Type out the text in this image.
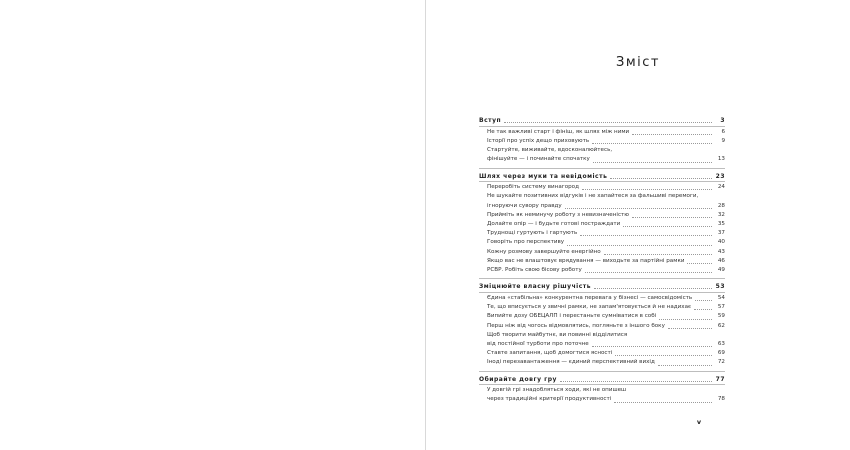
Зміст
Вступ	3
Не так важливі старт і фініш, як шлях між ними	6
Історії про успіх дещо приховують	9
Стартуйте, виживайте, вдосконалюйтесь,
фінішуйте — і починайте спочатку	13
Шлях через муки та невідомість	23
Переробіть систему винагород	24
Не шукайте позитивних відгуків і не хапайтеся за фальшиві перемоги,
ігноруючи сувору правду	28
Прийміть як неминучу роботу з невизначеністю	32
Долайте опір — і будьте готові постраждати	35
Труднощі гуртують і гартують	37
Говоріть про перспективу	40
Кожну розмову завершуйте енергійно	43
Якщо вас не влаштовує врядування — виходьте за партійні рамки	46
РСВР. Робіть свою бісову роботу	49
Зміцнюйте власну рішучість	53
Єдина «стабільна» конкурентна перевага у бізнесі — самосвідомість	54
Те, що вписується у звичні рамки, не запам'ятовується й не надихає	57
Випийте дозу ОБЕЦАЛП і перестаньте сумніватися в собі	59
Перш ніж від чогось відмовлятись, погляньте з іншого боку	62
Щоб творити майбутнє, ви повинні відділитися
від постійної турботи про поточне	63
Ставте запитання, щоб домогтися ясності	69
Іноді перезавантаження — єдиний перспективний вихід	72
Обирайте довгу гру	77
У довгій грі знадобляться ходи, які не опишеш
через традиційні критерії продуктивності	78
v
